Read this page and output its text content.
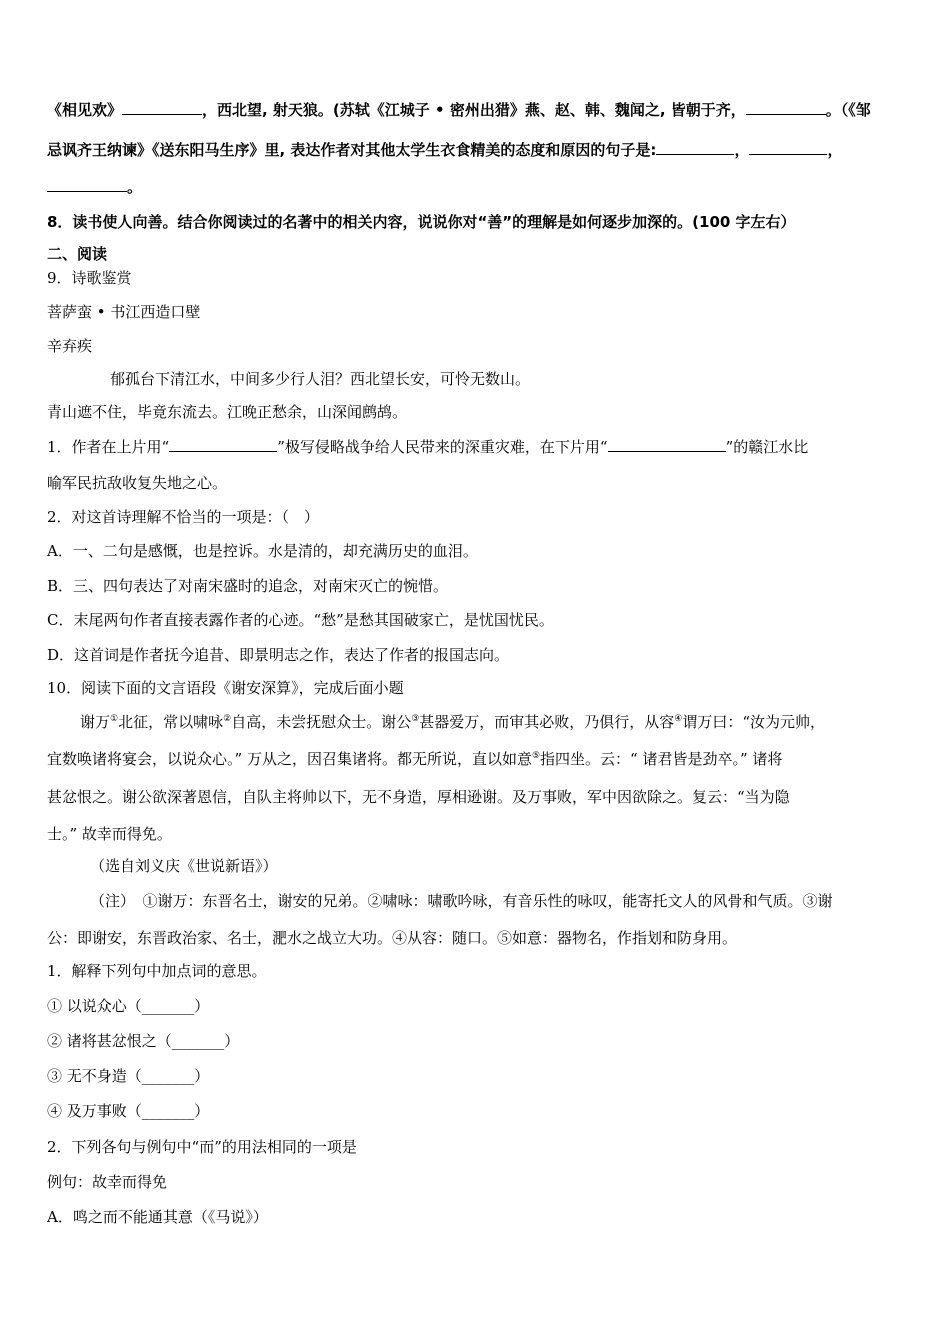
《相见欢》	，西北望, 射天狼。(苏轼《江城子 • 密州出猎》燕、赵、韩、魏闻之, 皆朝于齐，	。（《邹
忌讽齐王纳谏》《送东阳马生序》里, 表达作者对其他太学生衣食精美的态度和原因的句子是:	，	，
。
8．读书使人向善。结合你阅读过的名著中的相关内容，说说你对“善”的理解是如何逐步加深的。(100 字左右）
二、阅读
9．诗歌鉴赏
菩萨蛮 • 书江西造口壁
辛弃疾
郁孤台下清江水，中间多少行人泪？西北望长安，可怜无数山。
青山遮不住，毕竟东流去。江晚正愁余，山深闻鹧鸪。
1．作者在上片用“	”极写侵略战争给人民带来的深重灾难，在下片用“	”的赣江水比
喻军民抗敌收复失地之心。
2．对这首诗理解不恰当的一项是：（　）
A．一、二句是感慨，也是控诉。水是清的，却充满历史的血泪。
B．三、四句表达了对南宋盛时的追念，对南宋灭亡的惋惜。
C．末尾两句作者直接表露作者的心迹。“愁”是愁其国破家亡，是忧国忧民。
D．这首词是作者抚今追昔、即景明志之作，表达了作者的报国志向。
10．阅读下面的文言语段《谢安深算》，完成后面小题
谢万①北征，常以啸咏②自高，未尝抚慰众士。谢公③甚器爱万，而审其必败，乃俱行，从容④谓万曰：“汝为元帅，
宜数唤诸将宴会，以说众心。” 万从之，因召集诸将。都无所说，直以如意⑤指四坐。云：“ 诸君皆是劲卒。” 诸将
甚忿恨之。谢公欲深著恩信，自队主将帅以下，无不身造，厚相逊谢。及万事败，军中因欲除之。复云：“当为隐
士。” 故幸而得免。
（选自刘义庆《世说新语》）
（注）　①谢万：东晋名士，谢安的兄弟。②啸咏：啸歌吟咏，有音乐性的咏叹，能寄托文人的风骨和气质。③谢
公：即谢安，东晋政治家、名士，淝水之战立大功。④从容：随口。⑤如意：器物名，作指划和防身用。
1．解释下列句中加点词的意思。
① 以说众心（_______）
② 诸将甚忿恨之（_______）
③ 无不身造（_______）
④ 及万事败（_______）
2．下列各句与例句中“而”的用法相同的一项是
例句：故幸而得免
A．鸣之而不能通其意（《马说》）
